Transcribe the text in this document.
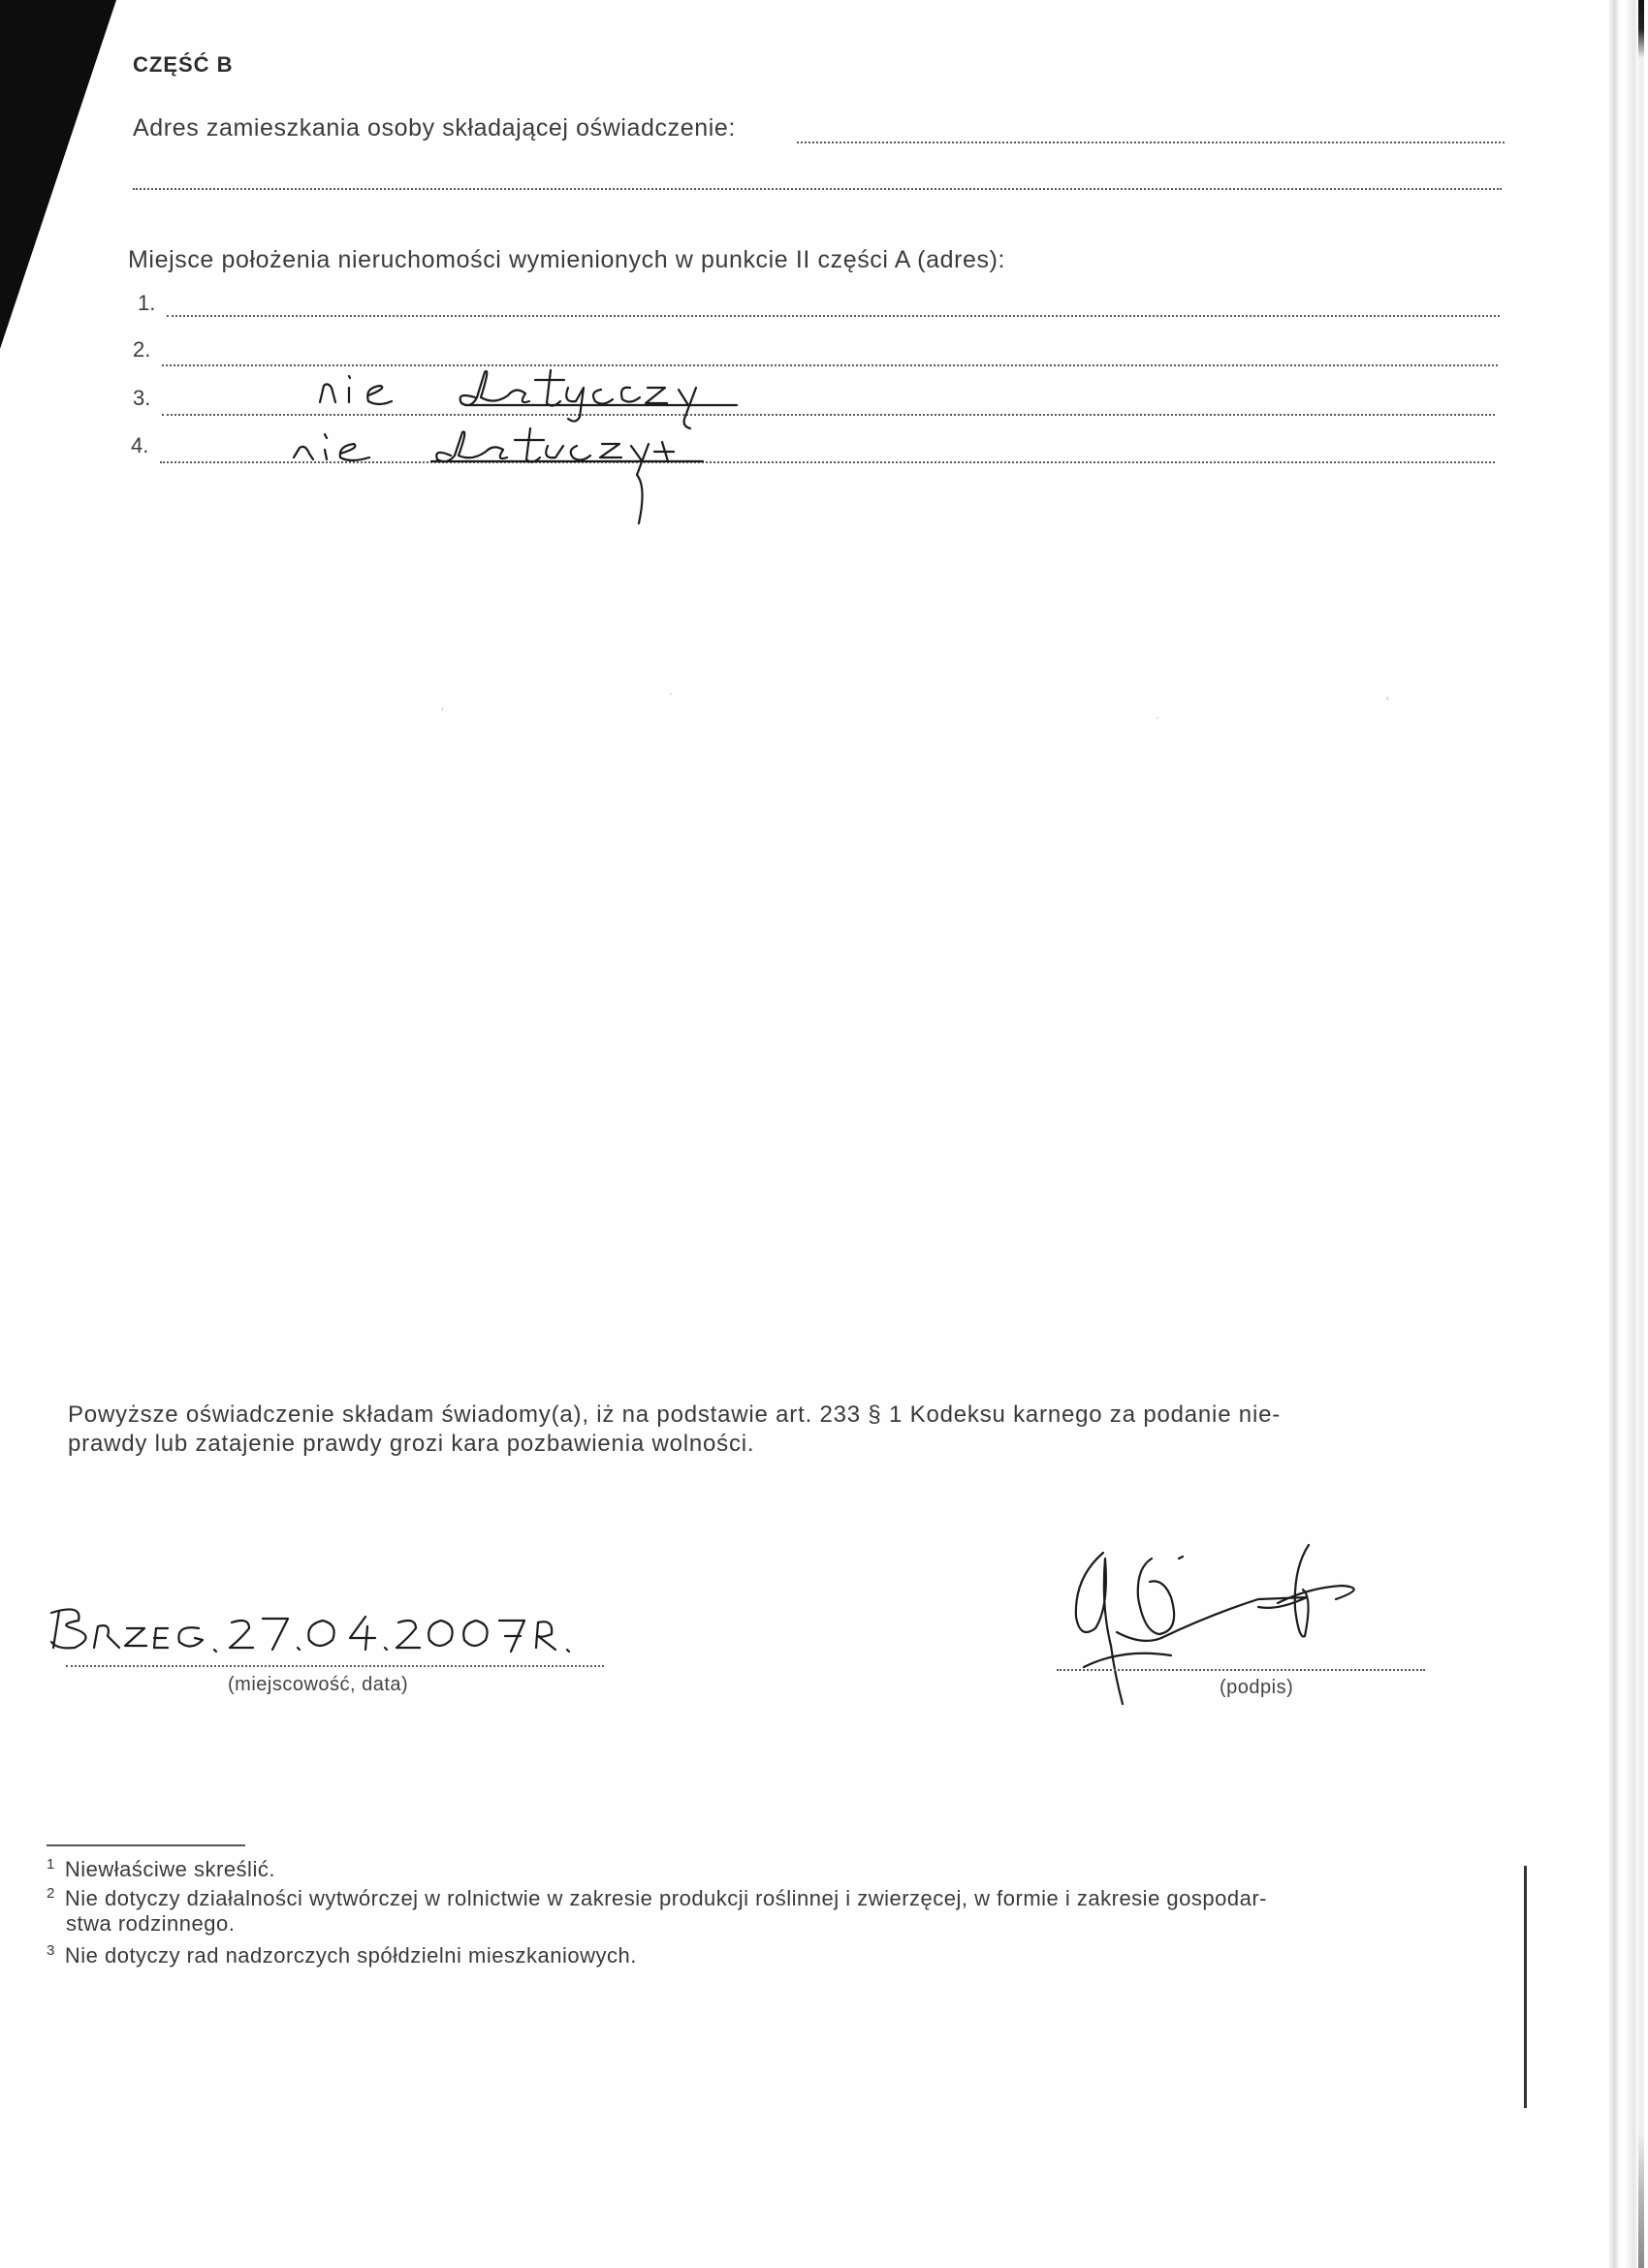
CZĘŚĆ B
Adres zamieszkania osoby składającej oświadczenie:
Miejsce położenia nieruchomości wymienionych w punkcie II części A (adres):
1.
2.
3.
4.
'
·
·
'
Powyższe oświadczenie składam świadomy(a), iż na podstawie art. 233 § 1 Kodeksu karnego za podanie nie-
prawdy lub zatajenie prawdy grozi kara pozbawienia wolności.
(miejscowość, data)	(podpis)
$^1$ Niewłaściwe skreślić.
$^2$ Nie dotyczy działalności wytwórczej w rolnictwie w zakresie produkcji roślinnej i zwierzęcej, w formie i zakresie gospodar-
stwa rodzinnego.
$^3$ Nie dotyczy rad nadzorczych spółdzielni mieszkaniowych.
